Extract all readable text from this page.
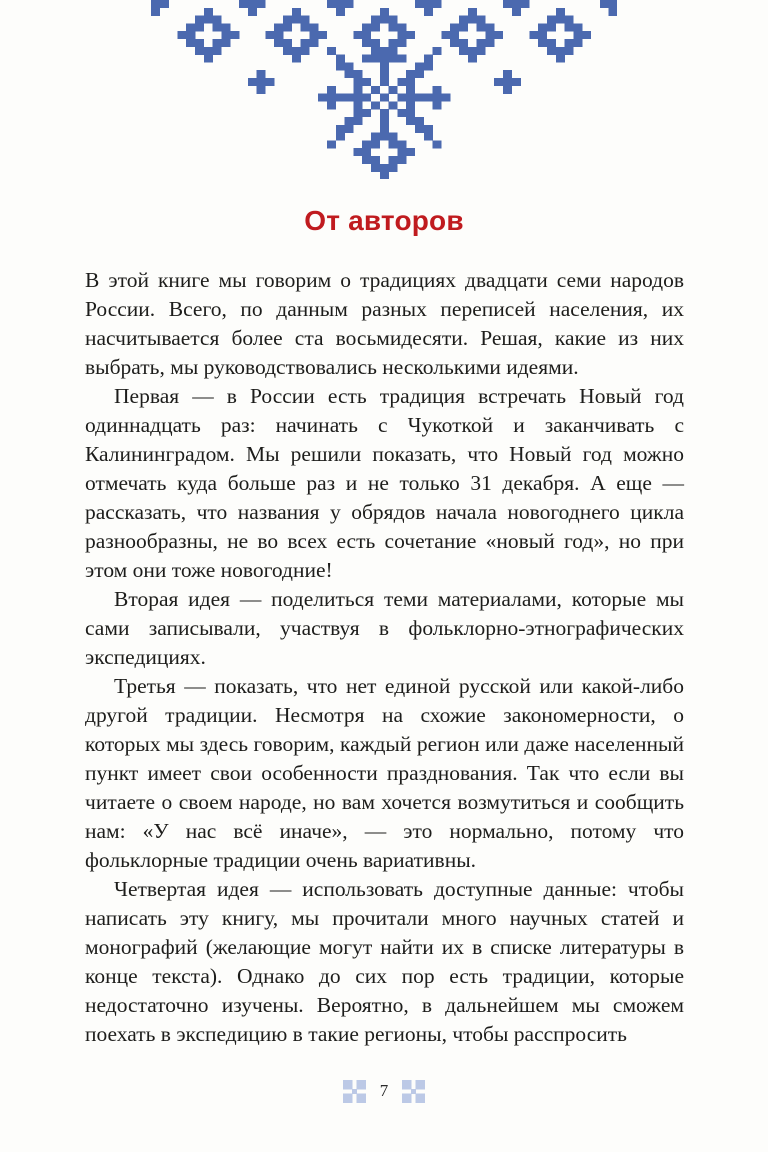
От авторов

В этой книге мы говорим о традициях двадцати семи народов России. Всего, по данным разных переписей населения, их насчитывается более ста восьмидесяти. Решая, какие из них выбрать, мы руководствовались несколькими идеями.

Первая — в России есть традиция встречать Новый год одиннадцать раз: начинать с Чукоткой и заканчивать с Калининградом. Мы решили показать, что Новый год можно отмечать куда больше раз и не только 31 декабря. А еще — рассказать, что названия у обрядов начала новогоднего цикла разнообразны, не во всех есть сочетание «новый год», но при этом они тоже новогодние!

Вторая идея — поделиться теми материалами, которые мы сами записывали, участвуя в фольклорно-этнографических экспедициях.

Третья — показать, что нет единой русской или какой-либо другой традиции. Несмотря на схожие закономерности, о которых мы здесь говорим, каждый регион или даже населенный пункт имеет свои особенности празднования. Так что если вы читаете о своем народе, но вам хочется возмутиться и сообщить нам: «У нас всё иначе», — это нормально, потому что фольклорные традиции очень вариативны.

Четвертая идея — использовать доступные данные: чтобы написать эту книгу, мы прочитали много научных статей и монографий (желающие могут найти их в списке литературы в конце текста). Однако до сих пор есть традиции, которые недостаточно изучены. Вероятно, в дальнейшем мы сможем поехать в экспедицию в такие регионы, чтобы расспросить

7
